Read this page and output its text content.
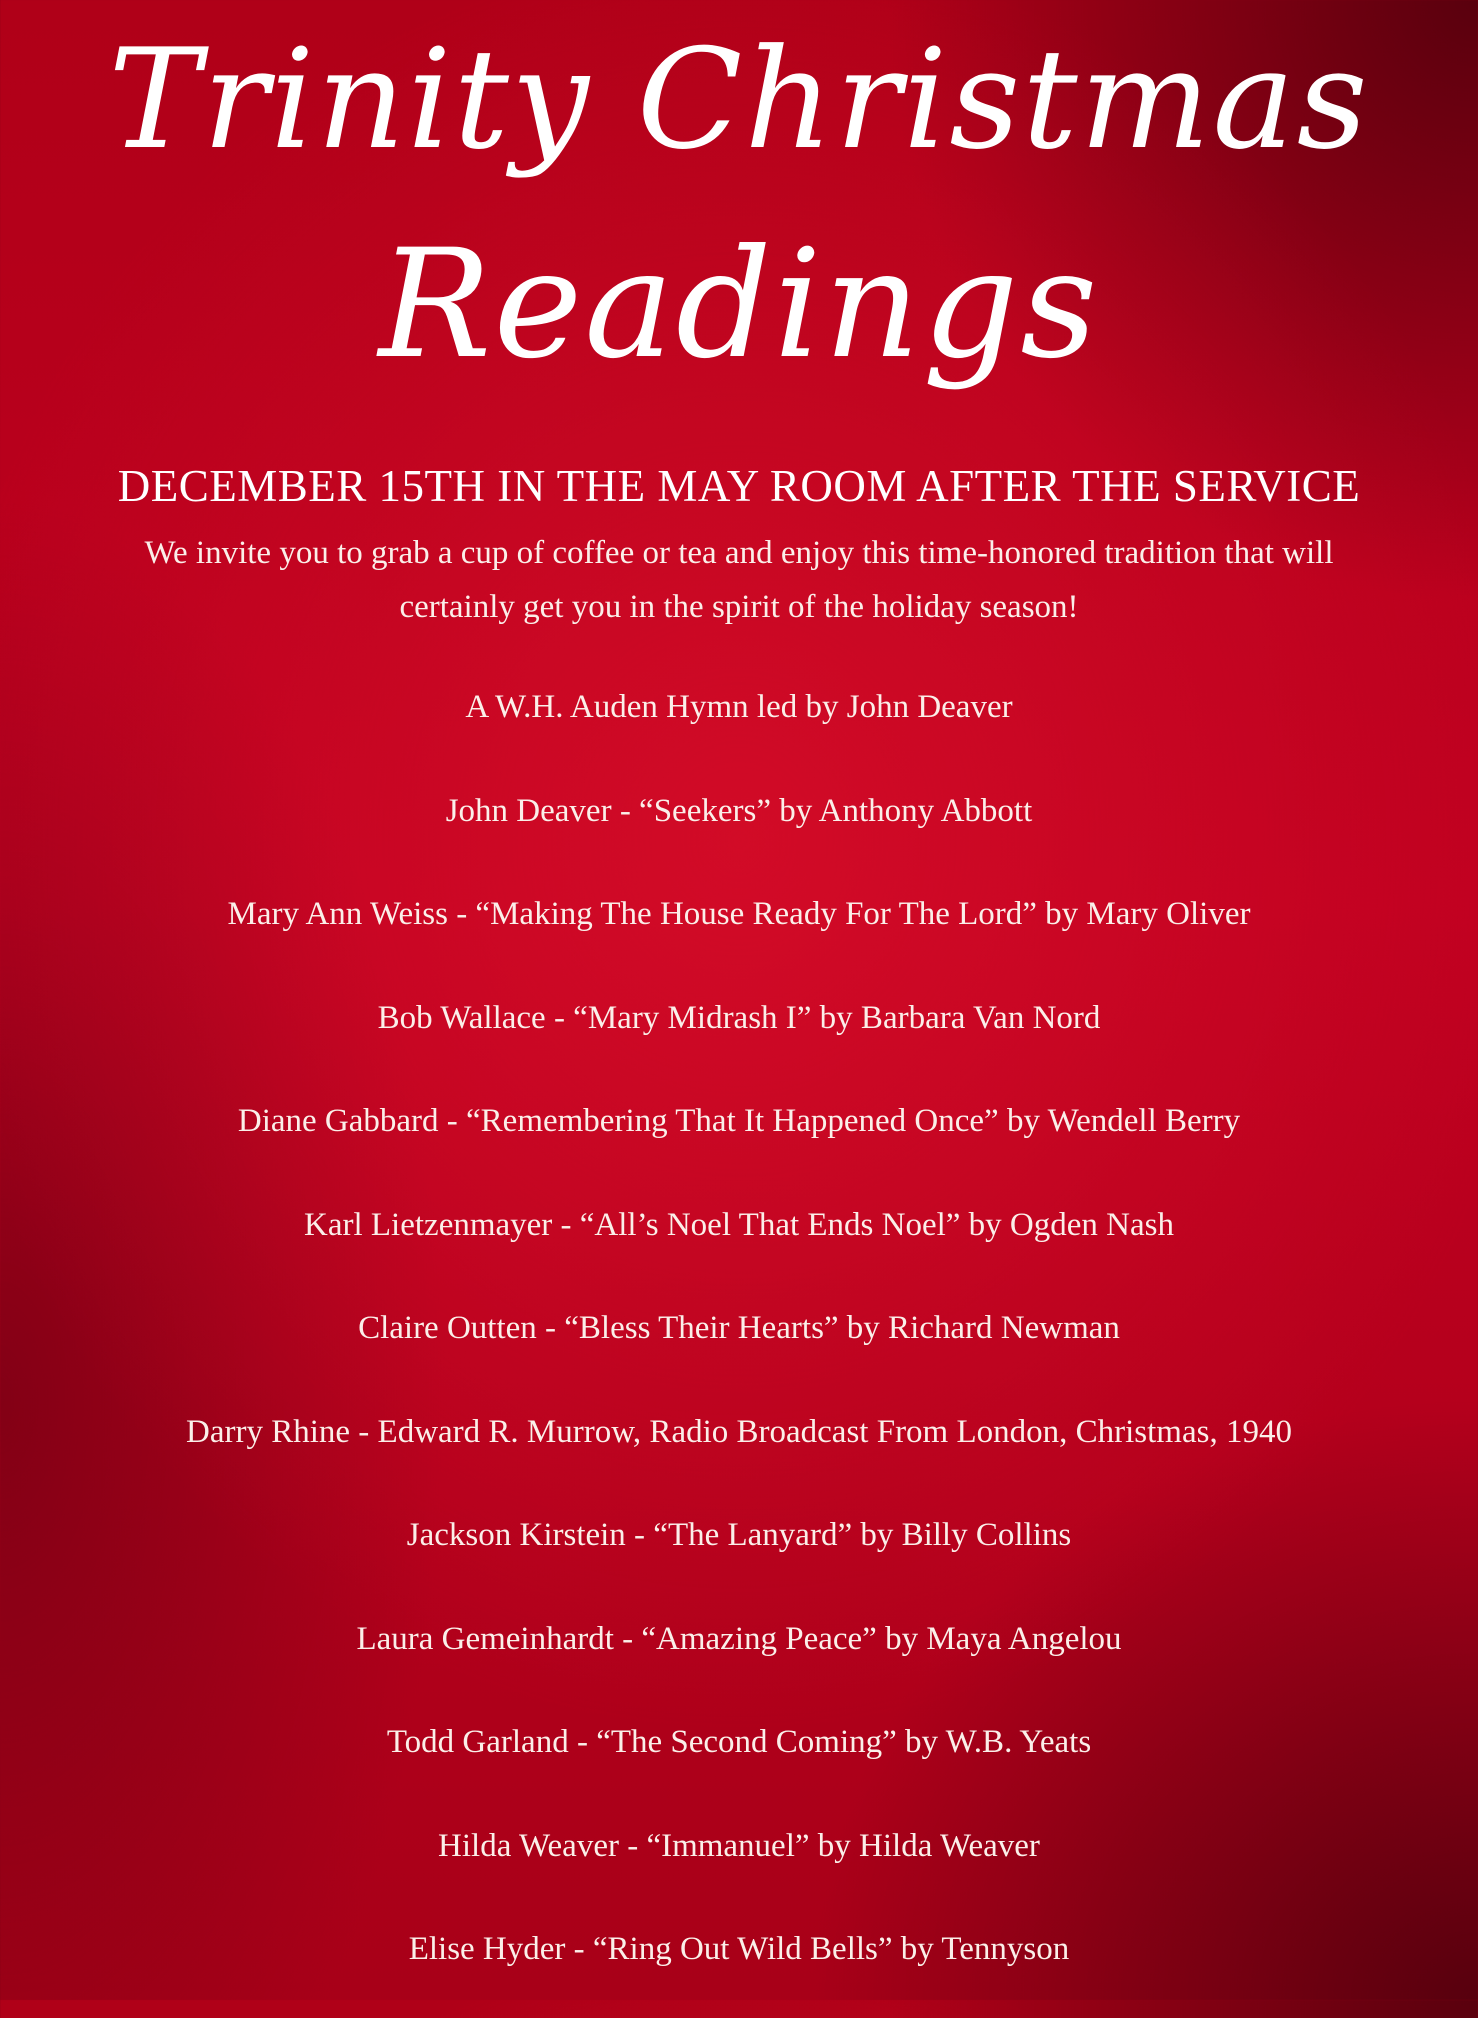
Trinity Christmas
Readings
DECEMBER 15TH IN THE MAY ROOM AFTER THE SERVICE

We invite you to grab a cup of coffee or tea and enjoy this time-honored tradition that will
certainly get you in the spirit of the holiday season!

A W.H. Auden Hymn led by John Deaver
John Deaver - “Seekers” by Anthony Abbott
Mary Ann Weiss - “Making The House Ready For The Lord” by Mary Oliver
Bob Wallace - “Mary Midrash I” by Barbara Van Nord
Diane Gabbard - “Remembering That It Happened Once” by Wendell Berry
Karl Lietzenmayer - “All’s Noel That Ends Noel” by Ogden Nash
Claire Outten - “Bless Their Hearts” by Richard Newman
Darry Rhine - Edward R. Murrow, Radio Broadcast From London, Christmas, 1940
Jackson Kirstein - “The Lanyard” by Billy Collins
Laura Gemeinhardt - “Amazing Peace” by Maya Angelou
Todd Garland - “The Second Coming” by W.B. Yeats
Hilda Weaver - “Immanuel” by Hilda Weaver
Elise Hyder - “Ring Out Wild Bells” by Tennyson
